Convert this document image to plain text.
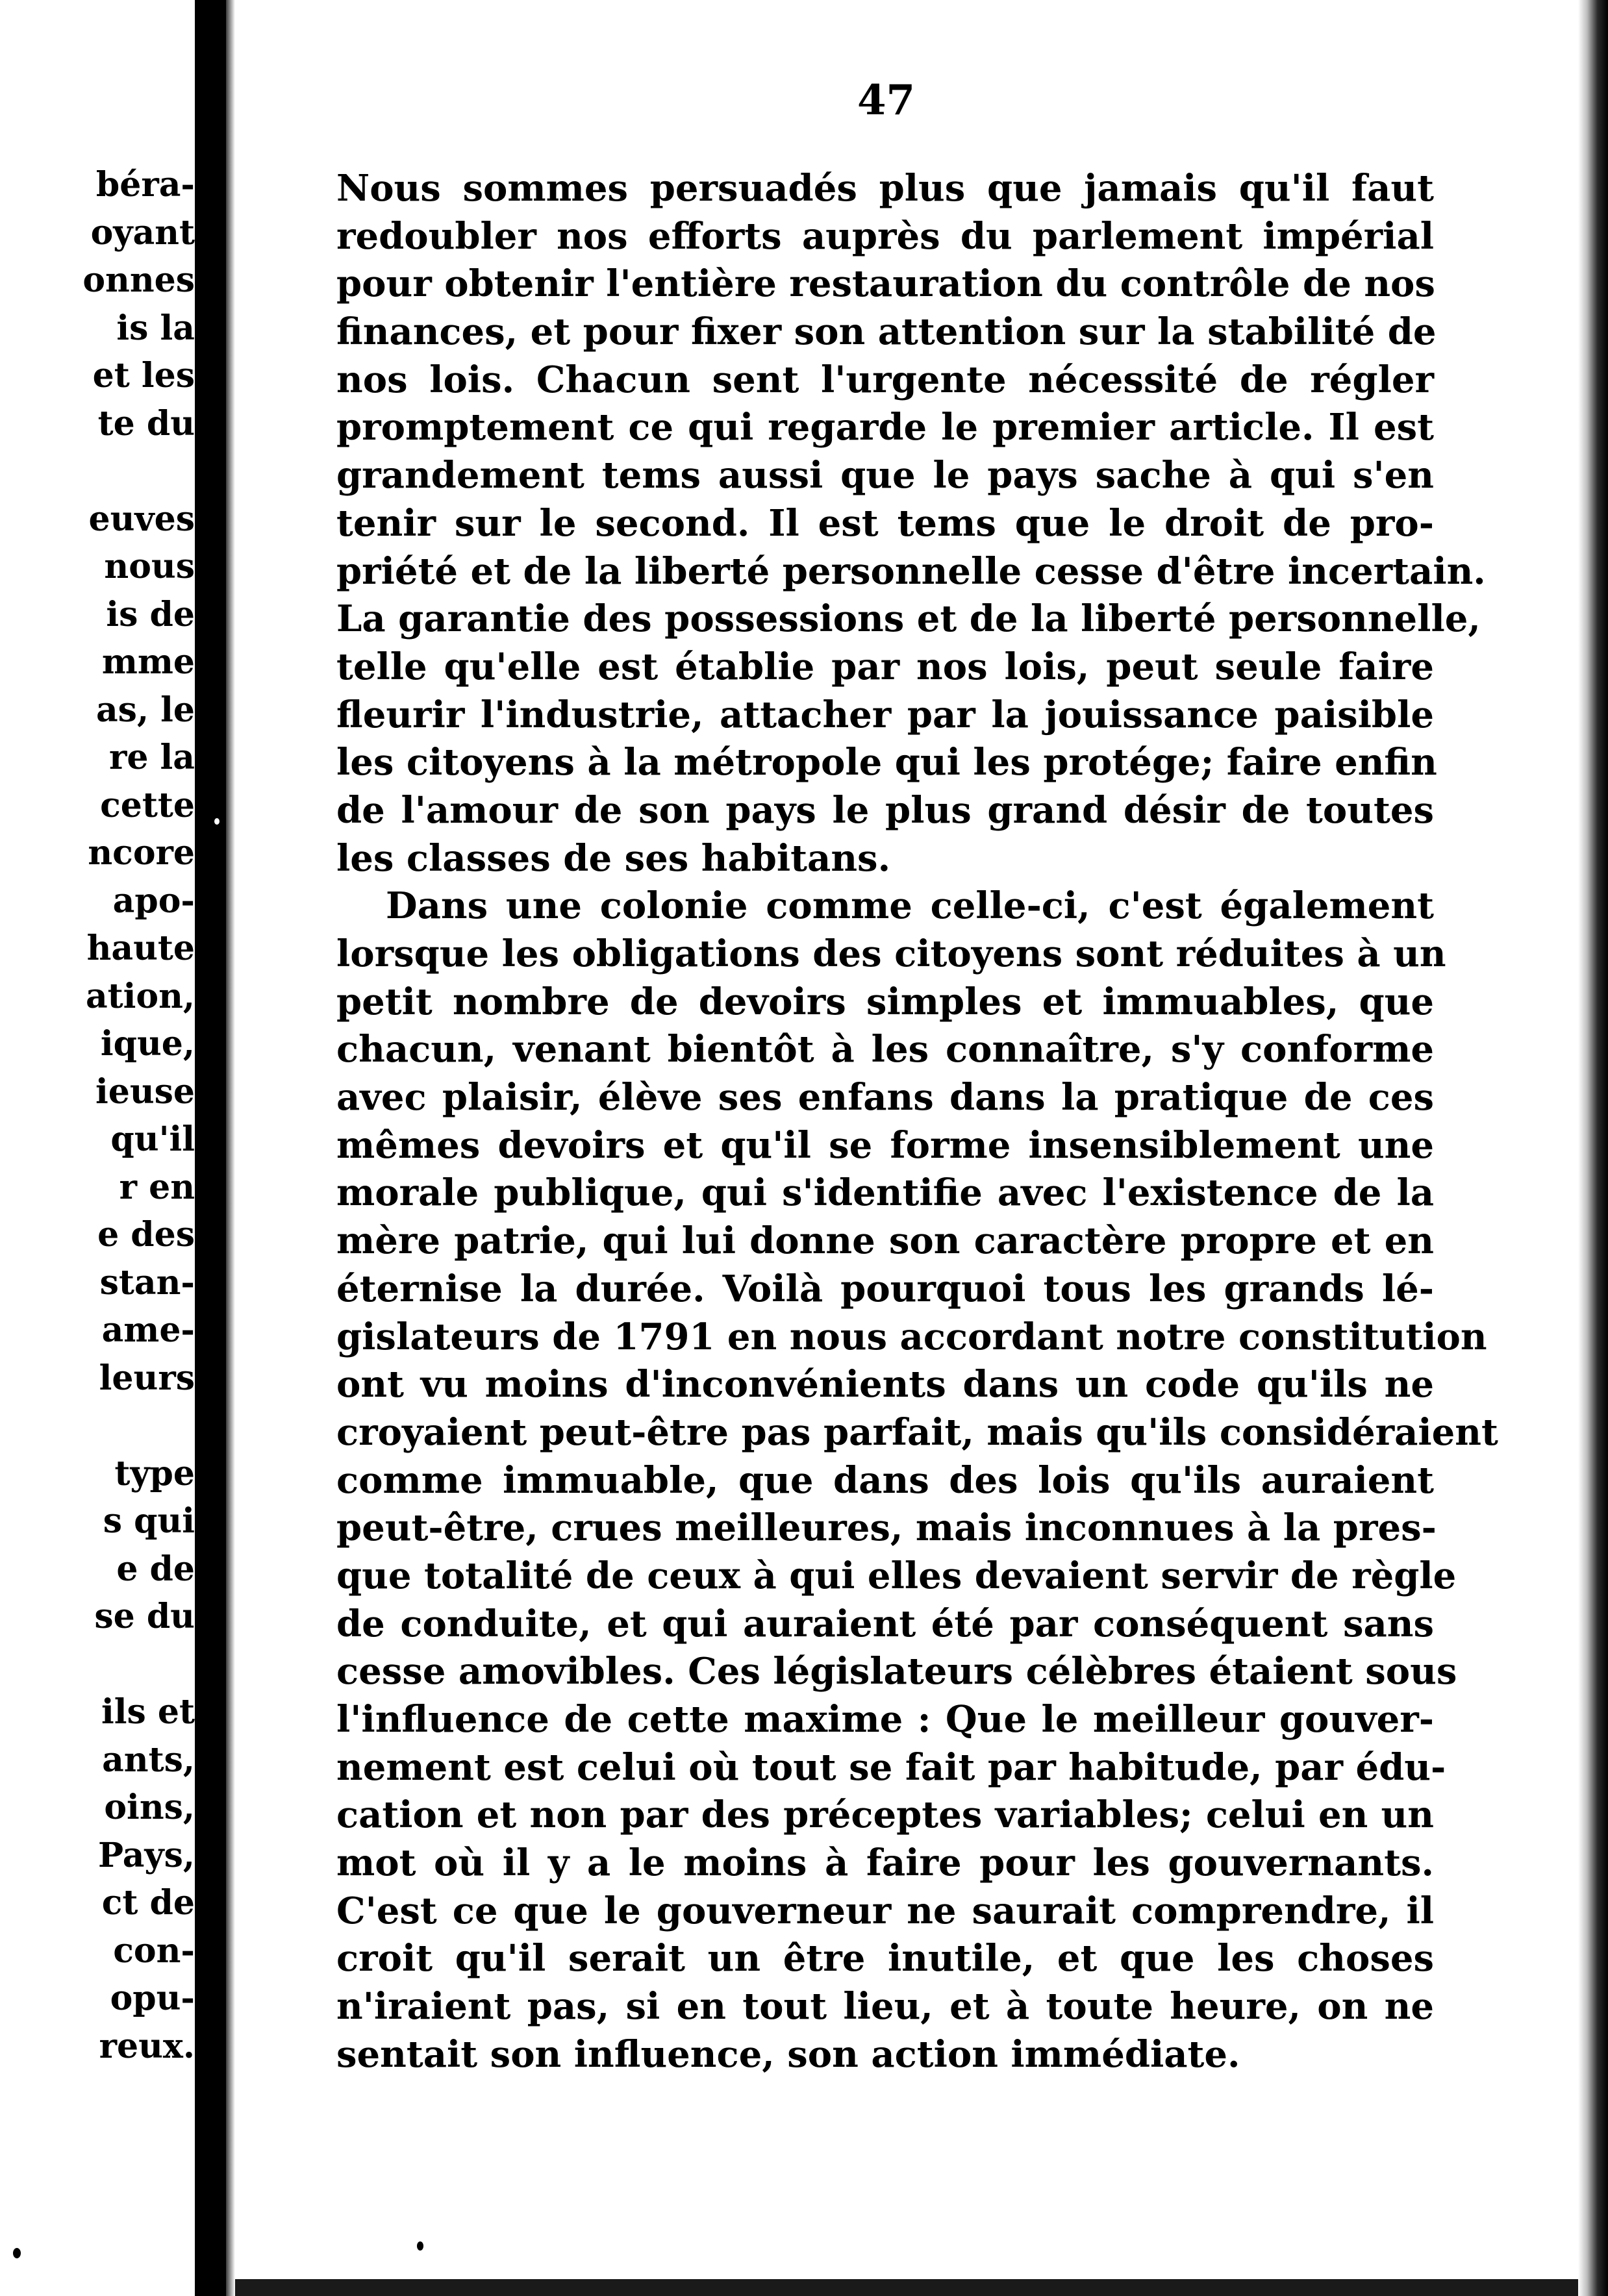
béra-
oyant
onnes
is la
et les
te du
euves
nous
is de
mme
as, le
re la
cette
ncore
apo-
haute
ation,
ique,
ieuse
qu'il
r en
e des
stan-
ame-
leurs
type
s qui
e de
se du
ils et
ants,
oins,
Pays,
ct de
con-
opu-
reux.
47
Nous sommes persuadés plus que jamais qu'il faut
redoubler nos efforts auprès du parlement impérial
pour obtenir l'entière restauration du contrôle de nos
finances, et pour fixer son attention sur la stabilité de
nos lois. Chacun sent l'urgente nécessité de régler
promptement ce qui regarde le premier article. Il est
grandement tems aussi que le pays sache à qui s'en
tenir sur le second. Il est tems que le droit de pro-
priété et de la liberté personnelle cesse d'être incertain.
La garantie des possessions et de la liberté personnelle,
telle qu'elle est établie par nos lois, peut seule faire
fleurir l'industrie, attacher par la jouissance paisible
les citoyens à la métropole qui les protége; faire enfin
de l'amour de son pays le plus grand désir de toutes
les classes de ses habitans.
Dans une colonie comme celle-ci, c'est également
lorsque les obligations des citoyens sont réduites à un
petit nombre de devoirs simples et immuables, que
chacun, venant bientôt à les connaître, s'y conforme
avec plaisir, élève ses enfans dans la pratique de ces
mêmes devoirs et qu'il se forme insensiblement une
morale publique, qui s'identifie avec l'existence de la
mère patrie, qui lui donne son caractère propre et en
éternise la durée. Voilà pourquoi tous les grands lé-
gislateurs de 1791 en nous accordant notre constitution
ont vu moins d'inconvénients dans un code qu'ils ne
croyaient peut-être pas parfait, mais qu'ils considéraient
comme immuable, que dans des lois qu'ils auraient
peut-être, crues meilleures, mais inconnues à la pres-
que totalité de ceux à qui elles devaient servir de règle
de conduite, et qui auraient été par conséquent sans
cesse amovibles. Ces législateurs célèbres étaient sous
l'influence de cette maxime : Que le meilleur gouver-
nement est celui où tout se fait par habitude, par édu-
cation et non par des préceptes variables; celui en un
mot où il y a le moins à faire pour les gouvernants.
C'est ce que le gouverneur ne saurait comprendre, il
croit qu'il serait un être inutile, et que les choses
n'iraient pas, si en tout lieu, et à toute heure, on ne
sentait son influence, son action immédiate.
